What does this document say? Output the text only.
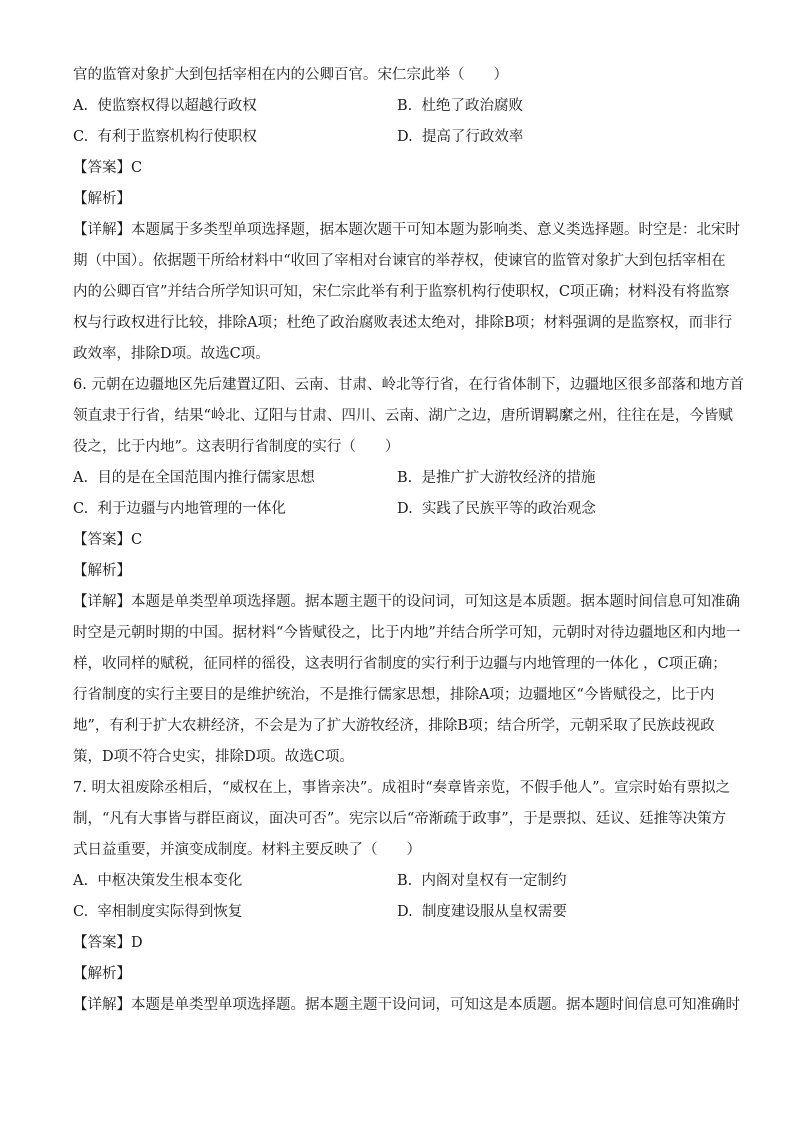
官的监管对象扩大到包括宰相在内的公卿百官。宋仁宗此举（　　）
A. 使监察权得以超越行政权	B. 杜绝了政治腐败
C. 有利于监察机构行使职权	D. 提高了行政效率
【答案】C
【解析】
【详解】本题属于多类型单项选择题，据本题次题干可知本题为影响类、意义类选择题。时空是：北宋时
期（中国）。依据题干所给材料中“收回了宰相对台谏官的举荐权，使谏官的监管对象扩大到包括宰相在
内的公卿百官”并结合所学知识可知，宋仁宗此举有利于监察机构行使职权，C项正确；材料没有将监察
权与行政权进行比较，排除A项；杜绝了政治腐败表述太绝对，排除B项；材料强调的是监察权，而非行
政效率，排除D项。故选C项。
6. 元朝在边疆地区先后建置辽阳、云南、甘肃、岭北等行省，在行省体制下，边疆地区很多部落和地方首
领直隶于行省，结果“岭北、辽阳与甘肃、四川、云南、湖广之边，唐所谓羁縻之州，往往在是，今皆赋
役之，比于内地”。这表明行省制度的实行（　　）
A. 目的是在全国范围内推行儒家思想	B. 是推广扩大游牧经济的措施
C. 利于边疆与内地管理的一体化	D. 实践了民族平等的政治观念
【答案】C
【解析】
【详解】本题是单类型单项选择题。据本题主题干的设问词，可知这是本质题。据本题时间信息可知准确
时空是元朝时期的中国。据材料“今皆赋役之，比于内地”并结合所学可知，元朝时对待边疆地区和内地一
样，收同样的赋税，征同样的徭役，这表明行省制度的实行利于边疆与内地管理的一体化 ，C项正确；
行省制度的实行主要目的是维护统治，不是推行儒家思想，排除A项；边疆地区“今皆赋役之，比于内
地”，有利于扩大农耕经济，不会是为了扩大游牧经济，排除B项；结合所学，元朝采取了民族歧视政
策，D项不符合史实，排除D项。故选C项。
7. 明太祖废除丞相后，“威权在上，事皆亲决”。成祖时“奏章皆亲览，不假手他人”。宣宗时始有票拟之
制，“凡有大事皆与群臣商议，面决可否”。宪宗以后“帝渐疏于政事”，于是票拟、廷议、廷推等决策方
式日益重要，并演变成制度。材料主要反映了（　　）
A. 中枢决策发生根本变化	B. 内阁对皇权有一定制约
C. 宰相制度实际得到恢复	D. 制度建设服从皇权需要
【答案】D
【解析】
【详解】本题是单类型单项选择题。据本题主题干设问词，可知这是本质题。据本题时间信息可知准确时
